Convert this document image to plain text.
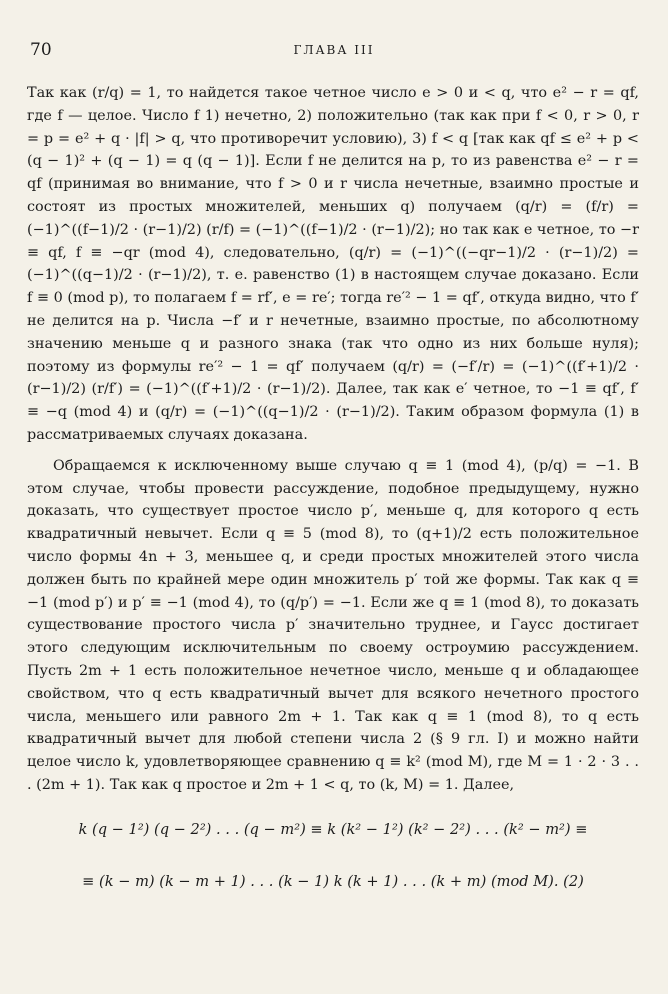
70	ГЛАВА III

Так как (r/q) = 1, то найдется такое четное число e > 0 и < q, что e² − r = qf, где f — целое. Число f 1) нечетно, 2) положительно (так как при f < 0, r > 0, r = p = e² + q · |f| > q, что противоречит условию), 3) f < q [так как qf ≤ e² + p < (q − 1)² + (q − 1) = q (q − 1)]. Если f не делится на p, то из равенства e² − r = qf (принимая во внимание, что f > 0 и r числа нечетные, взаимно простые и состоят из простых множителей, меньших q) получаем (q/r) = (f/r) = (−1)^((f−1)/2 · (r−1)/2) (r/f) = (−1)^((f−1)/2 · (r−1)/2); но так как e четное, то −r ≡ qf, f ≡ −qr (mod 4), следовательно, (q/r) = (−1)^((−qr−1)/2 · (r−1)/2) = (−1)^((q−1)/2 · (r−1)/2), т. е. равенство (1) в настоящем случае доказано. Если f ≡ 0 (mod p), то полагаем f = rf′, e = re′; тогда re′² − 1 = qf′, откуда видно, что f′ не делится на p. Числа −f′ и r нечетные, взаимно простые, по абсолютному значению меньше q и разного знака (так что одно из них больше нуля); поэтому из формулы re′² − 1 = qf′ получаем (q/r) = (−f′/r) = (−1)^((f′+1)/2 · (r−1)/2) (r/f′) = (−1)^((f′+1)/2 · (r−1)/2). Далее, так как e′ четное, то −1 ≡ qf′, f′ ≡ −q (mod 4) и (q/r) = (−1)^((q−1)/2 · (r−1)/2). Таким образом формула (1) в рассматриваемых случаях доказана.

Обращаемся к исключенному выше случаю q ≡ 1 (mod 4), (p/q) = −1. В этом случае, чтобы провести рассуждение, подобное предыдущему, нужно доказать, что существует простое число p′, меньше q, для которого q есть квадратичный невычет. Если q ≡ 5 (mod 8), то (q+1)/2 есть положительное число формы 4n + 3, меньшее q, и среди простых множителей этого числа должен быть по крайней мере один множитель p′ той же формы. Так как q ≡ −1 (mod p′) и p′ ≡ −1 (mod 4), то (q/p′) = −1. Если же q ≡ 1 (mod 8), то доказать существование простого числа p′ значительно труднее, и Гаусс достигает этого следующим исключительным по своему остроумию рассуждением. Пусть 2m + 1 есть положительное нечетное число, меньше q и обладающее свойством, что q есть квадратичный вычет для всякого нечетного простого числа, меньшего или равного 2m + 1. Так как q ≡ 1 (mod 8), то q есть квадратичный вычет для любой степени числа 2 (§ 9 гл. I) и можно найти целое число k, удовлетворяющее сравнению q ≡ k² (mod M), где M = 1 · 2 · 3 . . . (2m + 1). Так как q простое и 2m + 1 < q, то (k, M) = 1. Далее,

k (q − 1²) (q − 2²) . . . (q − m²) ≡ k (k² − 1²) (k² − 2²) . . . (k² − m²) ≡
≡ (k − m) (k − m + 1) . . . (k − 1) k (k + 1) . . . (k + m) (mod M). (2)
